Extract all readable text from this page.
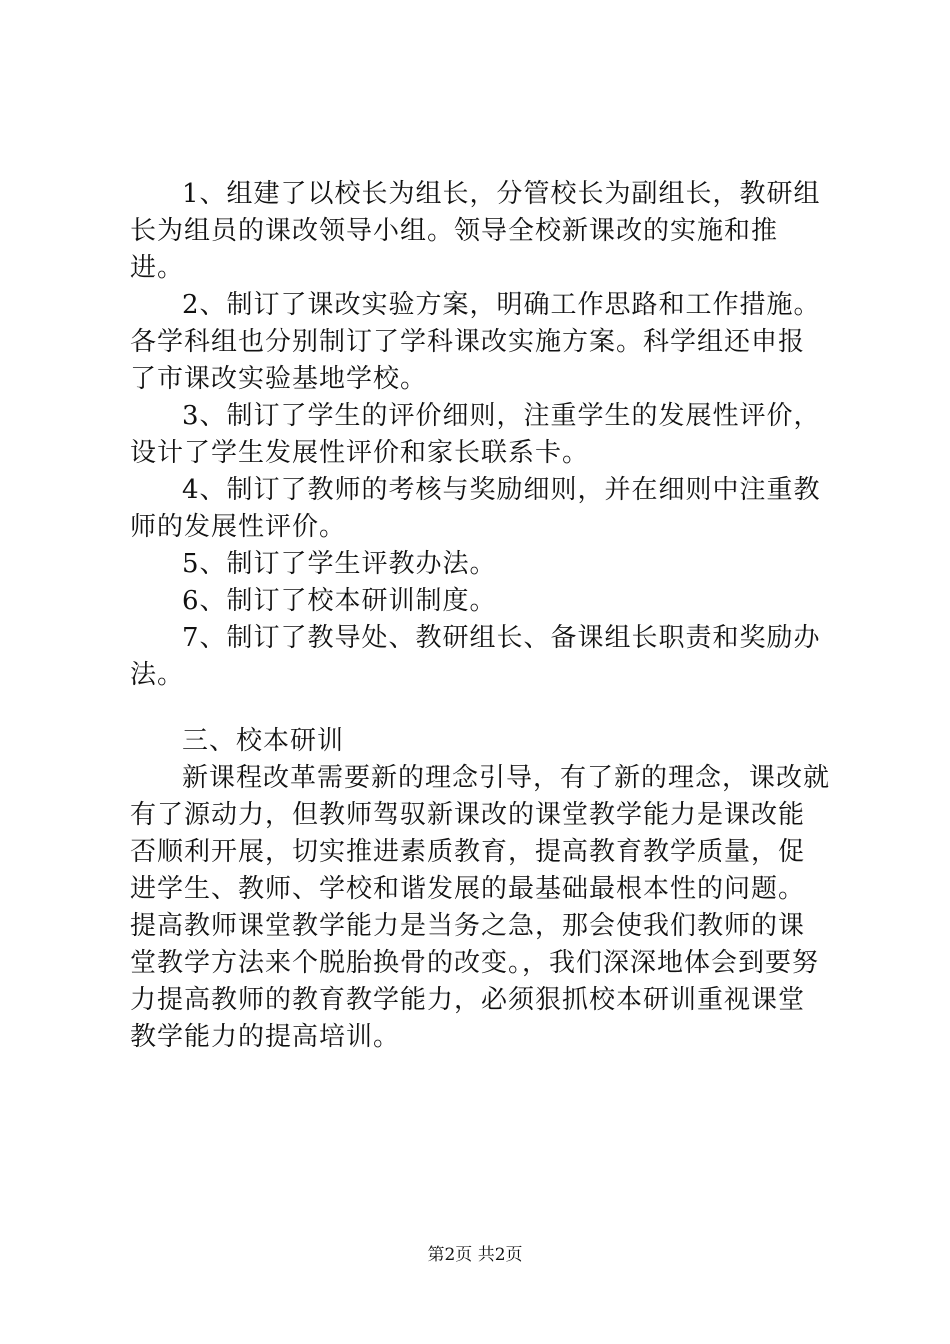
1、组建了以校长为组长，分管校长为副组长，教研组长为组员的课改领导小组。领导全校新课改的实施和推进。

2、制订了课改实验方案，明确工作思路和工作措施。各学科组也分别制订了学科课改实施方案。科学组还申报了市课改实验基地学校。

3、制订了学生的评价细则，注重学生的发展性评价，设计了学生发展性评价和家长联系卡。

4、制订了教师的考核与奖励细则，并在细则中注重教师的发展性评价。

5、制订了学生评教办法。

6、制订了校本研训制度。

7、制订了教导处、教研组长、备课组长职责和奖励办法。

三、校本研训

新课程改革需要新的理念引导，有了新的理念，课改就有了源动力，但教师驾驭新课改的课堂教学能力是课改能否顺利开展，切实推进素质教育，提高教育教学质量，促进学生、教师、学校和谐发展的最基础最根本性的问题。提高教师课堂教学能力是当务之急，那会使我们教师的课堂教学方法来个脱胎换骨的改变。，我们深深地体会到要努力提高教师的教育教学能力，必须狠抓校本研训重视课堂教学能力的提高培训。

第2页 共2页
